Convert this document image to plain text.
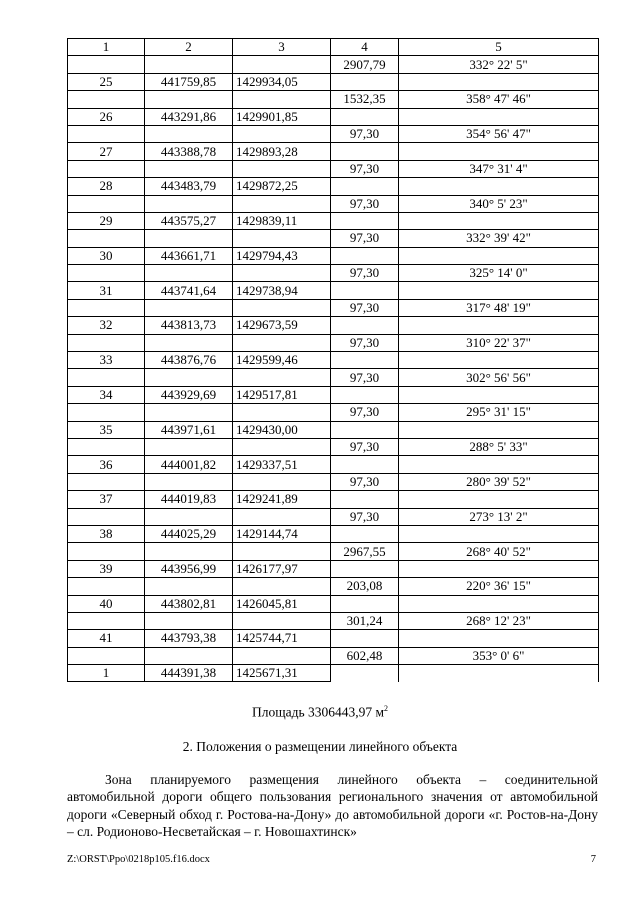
1	2	3	4	5
			2907,79	332° 22' 5"
25	441759,85	1429934,05		
			1532,35	358° 47' 46"
26	443291,86	1429901,85		
			97,30	354° 56' 47"
27	443388,78	1429893,28		
			97,30	347° 31' 4"
28	443483,79	1429872,25		
			97,30	340° 5' 23"
29	443575,27	1429839,11		
			97,30	332° 39' 42"
30	443661,71	1429794,43		
			97,30	325° 14' 0"
31	443741,64	1429738,94		
			97,30	317° 48' 19"
32	443813,73	1429673,59		
			97,30	310° 22' 37"
33	443876,76	1429599,46		
			97,30	302° 56' 56"
34	443929,69	1429517,81		
			97,30	295° 31' 15"
35	443971,61	1429430,00		
			97,30	288° 5' 33"
36	444001,82	1429337,51		
			97,30	280° 39' 52"
37	444019,83	1429241,89		
			97,30	273° 13' 2"
38	444025,29	1429144,74		
			2967,55	268° 40' 52"
39	443956,99	1426177,97		
			203,08	220° 36' 15"
40	443802,81	1426045,81		
			301,24	268° 12' 23"
41	443793,38	1425744,71		
			602,48	353° 0' 6"
1	444391,38	1425671,31		
Площадь 3306443,97 $м^2$
2. Положения о размещении линейного объекта
Зона планируемого размещения линейного объекта – соединительной автомобильной дороги общего пользования регионального значения от автомобильной дороги «Северный обход г. Ростова-на-Дону» до автомобильной дороги «г. Ростов-на-Дону – сл. Родионово-Несветайская – г. Новошахтинск»
Z:\ORST\Ppo\0218p105.f16.docx	7
